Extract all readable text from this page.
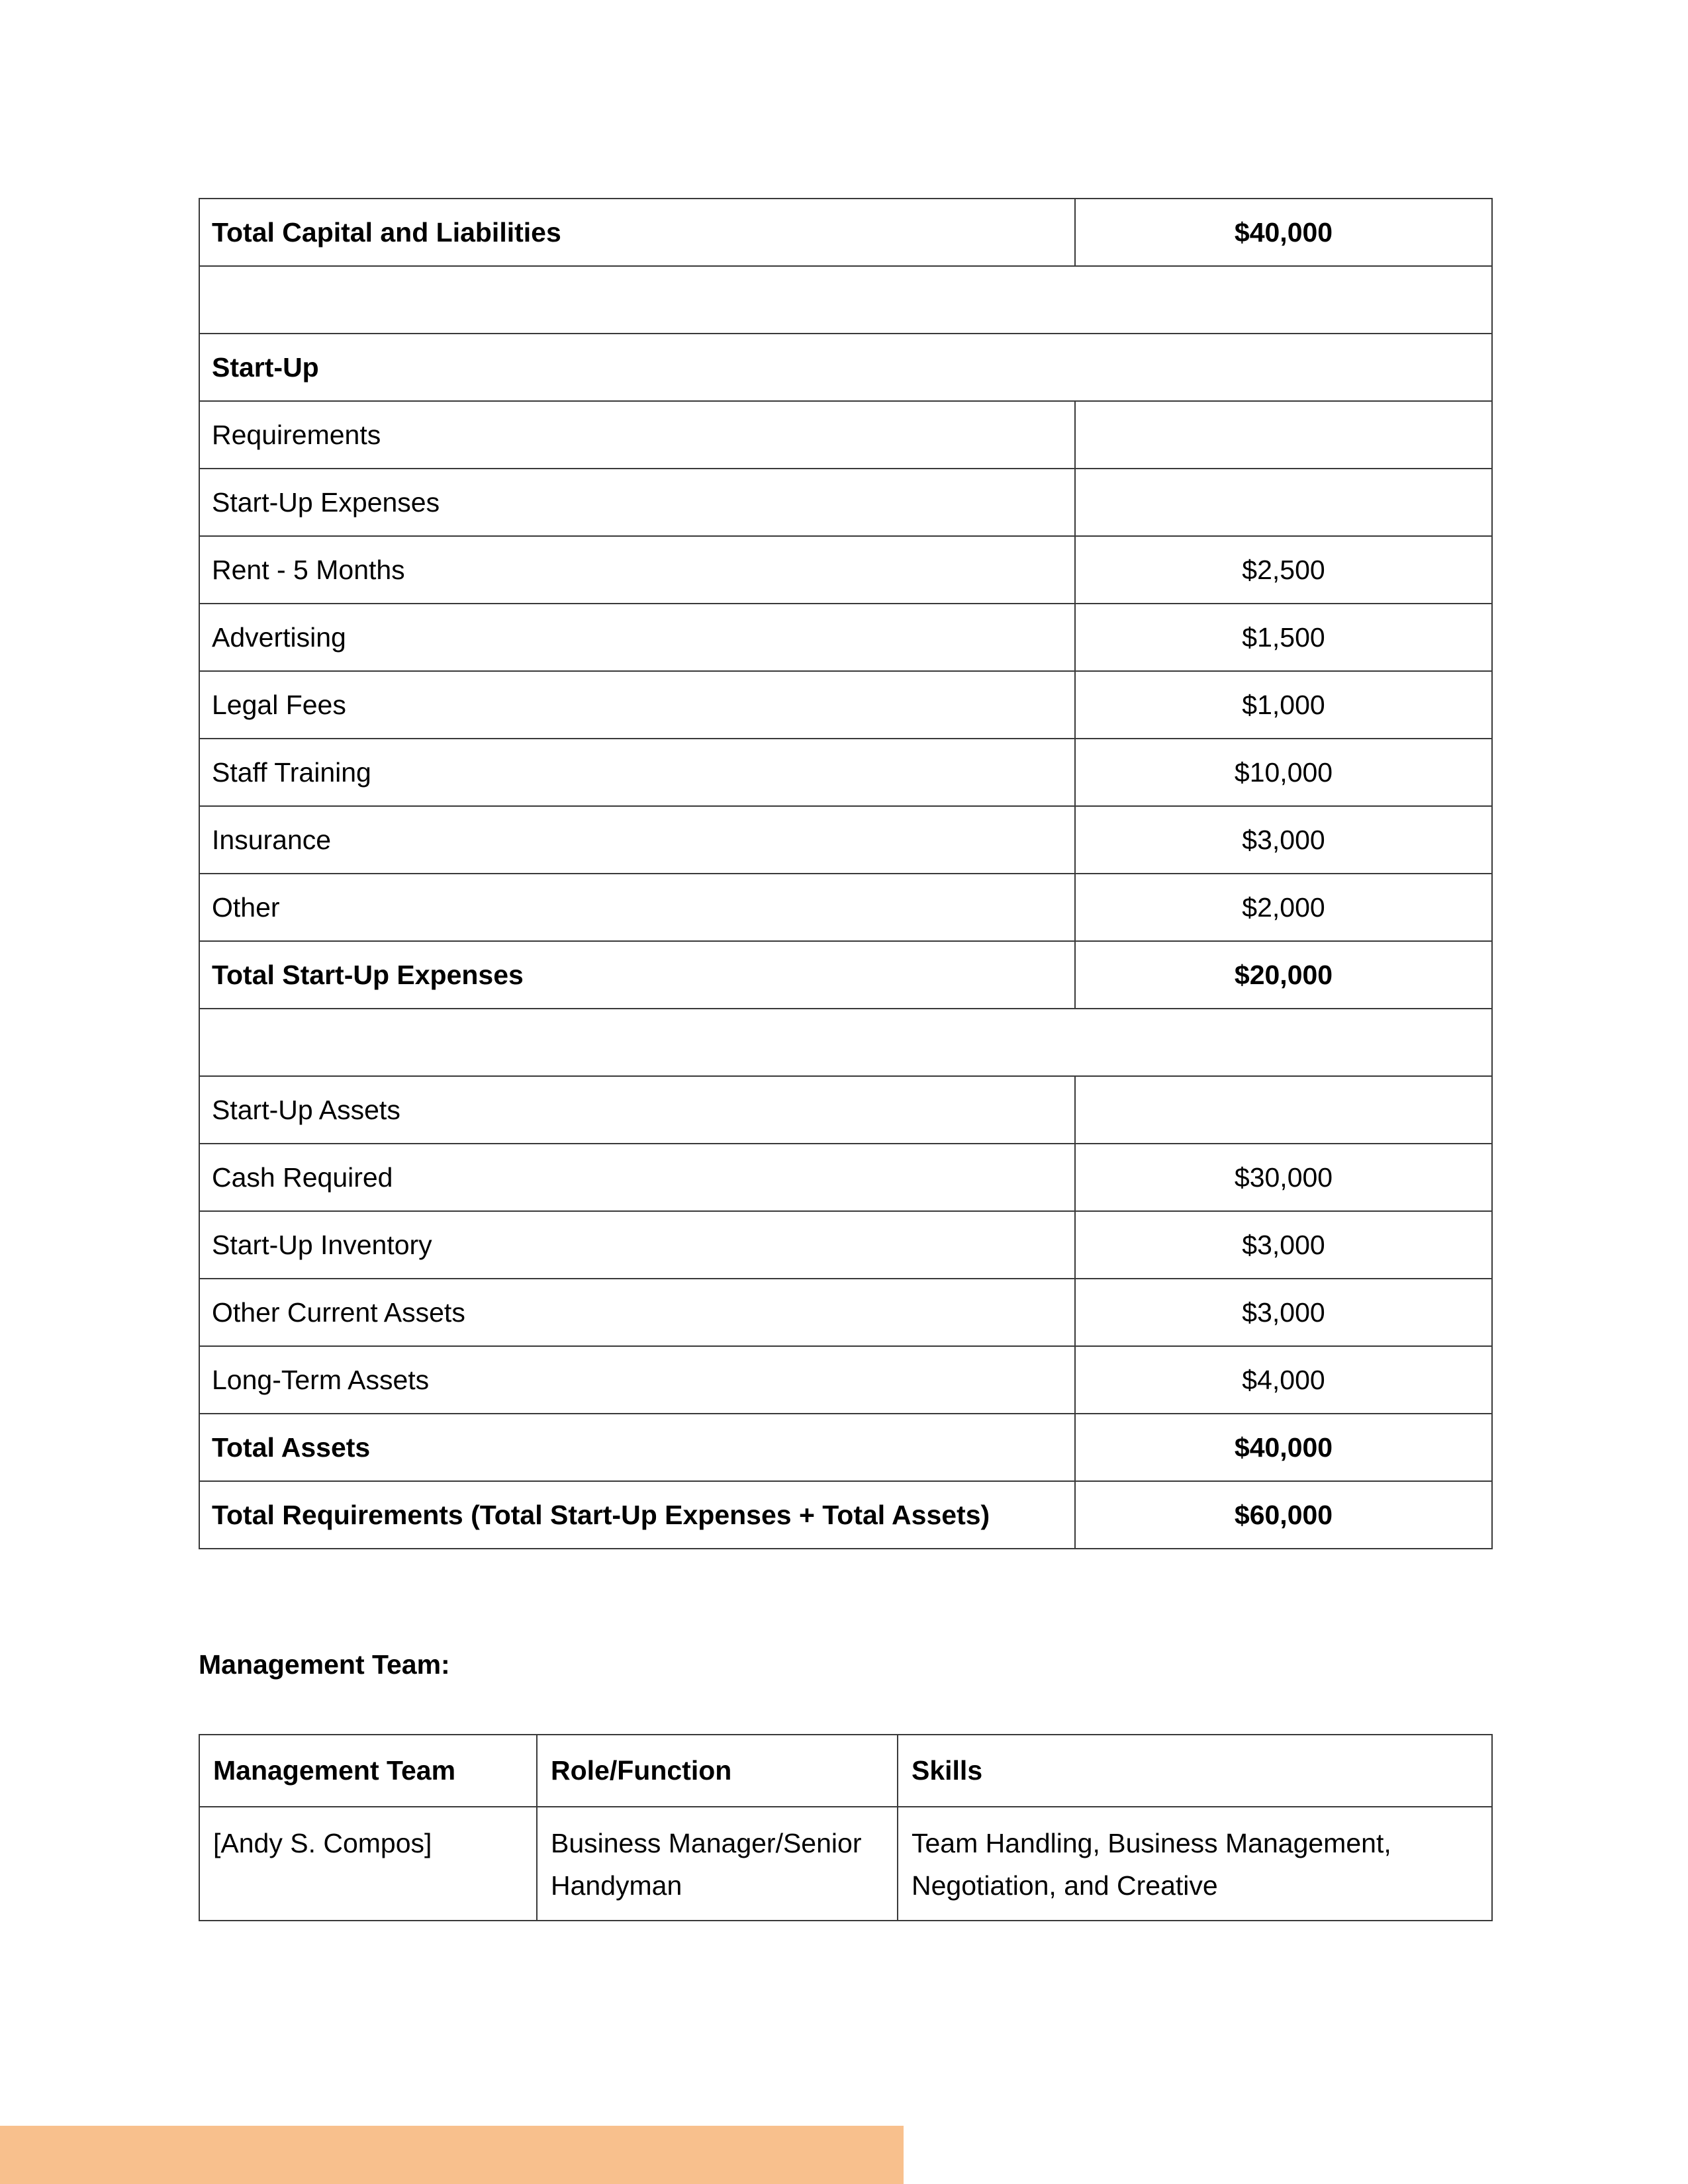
Total Capital and Liabilities	$40,000

Start-Up	
Requirements	
Start-Up Expenses	
Rent - 5 Months	$2,500
Advertising	$1,500
Legal Fees	$1,000
Staff Training	$10,000
Insurance	$3,000
Other	$2,000
Total Start-Up Expenses	$20,000

Start-Up Assets	
Cash Required	$30,000
Start-Up Inventory	$3,000
Other Current Assets	$3,000
Long-Term Assets	$4,000
Total Assets	$40,000
Total Requirements (Total Start-Up Expenses + Total Assets)	$60,000
Management Team:
Management Team	Role/Function	Skills
[Andy S. Compos]	Business Manager/Senior Handyman	Team Handling, Business Management, Negotiation, and Creative
